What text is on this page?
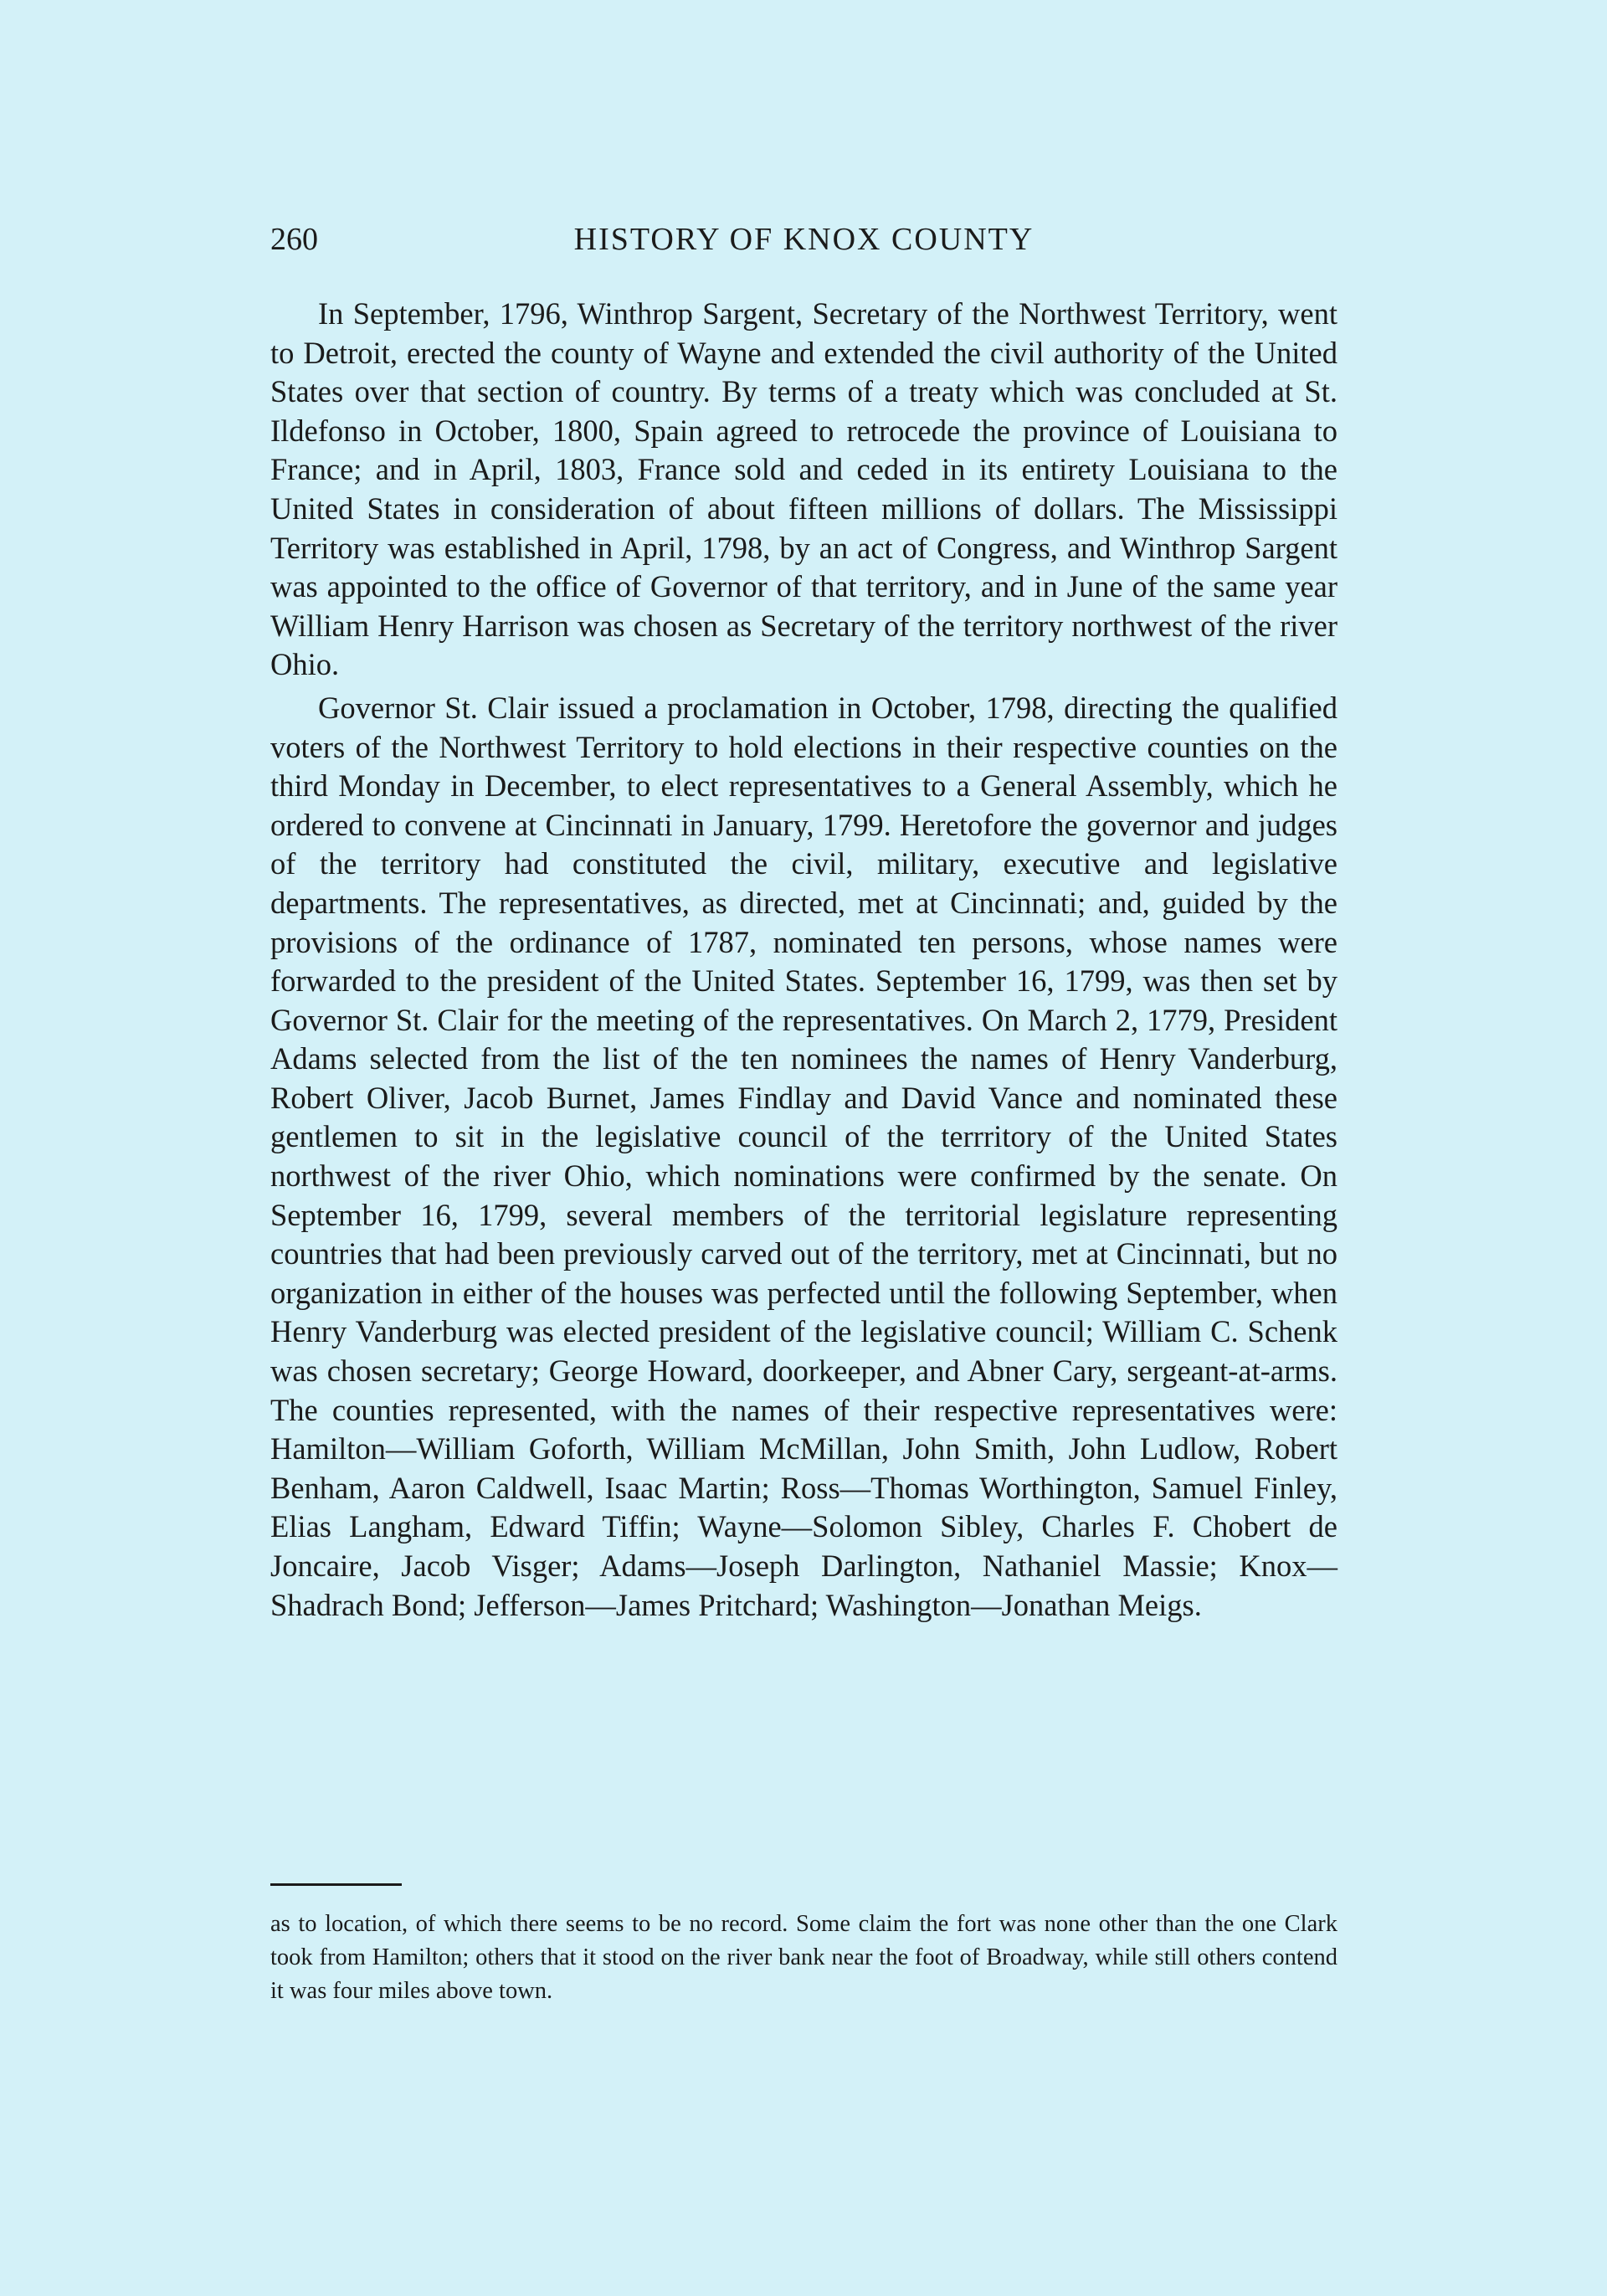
260	HISTORY OF KNOX COUNTY

In September, 1796, Winthrop Sargent, Secretary of the Northwest Territory, went to Detroit, erected the county of Wayne and extended the civil authority of the United States over that section of country. By terms of a treaty which was concluded at St. Ildefonso in October, 1800, Spain agreed to retrocede the province of Louisiana to France; and in April, 1803, France sold and ceded in its entirety Louisiana to the United States in consideration of about fifteen millions of dollars. The Mississippi Territory was established in April, 1798, by an act of Congress, and Winthrop Sargent was appointed to the office of Governor of that territory, and in June of the same year William Henry Harrison was chosen as Secretary of the territory northwest of the river Ohio.

Governor St. Clair issued a proclamation in October, 1798, directing the qualified voters of the Northwest Territory to hold elections in their respective counties on the third Monday in December, to elect representatives to a General Assembly, which he ordered to convene at Cincinnati in January, 1799. Heretofore the governor and judges of the territory had constituted the civil, military, executive and legislative departments. The representatives, as directed, met at Cincinnati; and, guided by the provisions of the ordinance of 1787, nominated ten persons, whose names were forwarded to the president of the United States. September 16, 1799, was then set by Governor St. Clair for the meeting of the representatives. On March 2, 1779, President Adams selected from the list of the ten nominees the names of Henry Vanderburg, Robert Oliver, Jacob Burnet, James Findlay and David Vance and nominated these gentlemen to sit in the legislative council of the terrritory of the United States northwest of the river Ohio, which nominations were confirmed by the senate. On September 16, 1799, several members of the territorial legislature representing countries that had been previously carved out of the territory, met at Cincinnati, but no organization in either of the houses was perfected until the following September, when Henry Vanderburg was elected president of the legislative council; William C. Schenk was chosen secretary; George Howard, doorkeeper, and Abner Cary, sergeant-at-arms. The counties represented, with the names of their respective representatives were: Hamilton—William Goforth, William McMillan, John Smith, John Ludlow, Robert Benham, Aaron Caldwell, Isaac Martin; Ross—Thomas Worthington, Samuel Finley, Elias Langham, Edward Tiffin; Wayne—Solomon Sibley, Charles F. Chobert de Joncaire, Jacob Visger; Adams—Joseph Darlington, Nathaniel Massie; Knox—Shadrach Bond; Jefferson—James Pritchard; Washington—Jonathan Meigs.

as to location, of which there seems to be no record. Some claim the fort was none other than the one Clark took from Hamilton; others that it stood on the river bank near the foot of Broadway, while still others contend it was four miles above town.
